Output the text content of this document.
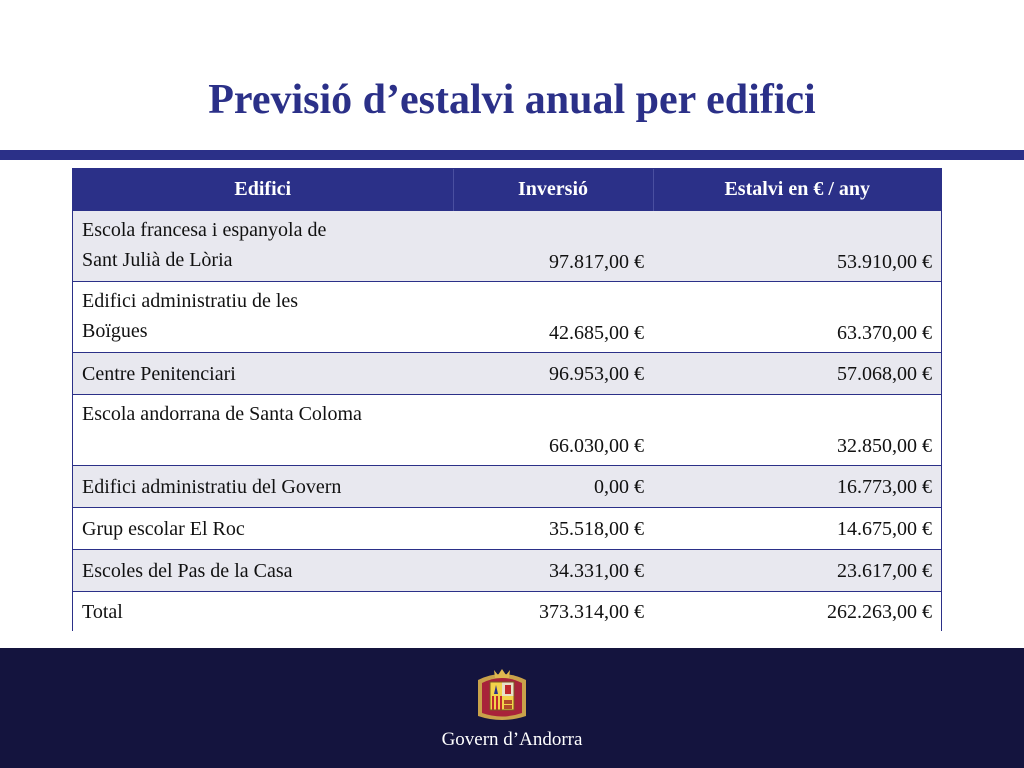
Previsió d’estalvi anual per edifici
Edifici	Inversió	Estalvi en € / any
Escola francesa i espanyola de
Sant Julià de Lòria	97.817,00 €	53.910,00 €
Edifici administratiu de les
Boïgues	42.685,00 €	63.370,00 €
Centre Penitenciari	96.953,00 €	57.068,00 €
Escola andorrana de Santa Coloma	66.030,00 €	32.850,00 €
Edifici administratiu del Govern	0,00 €	16.773,00 €
Grup escolar El Roc	35.518,00 €	14.675,00 €
Escoles del Pas de la Casa	34.331,00 €	23.617,00 €
Total	373.314,00 €	262.263,00 €
Govern d’Andorra
